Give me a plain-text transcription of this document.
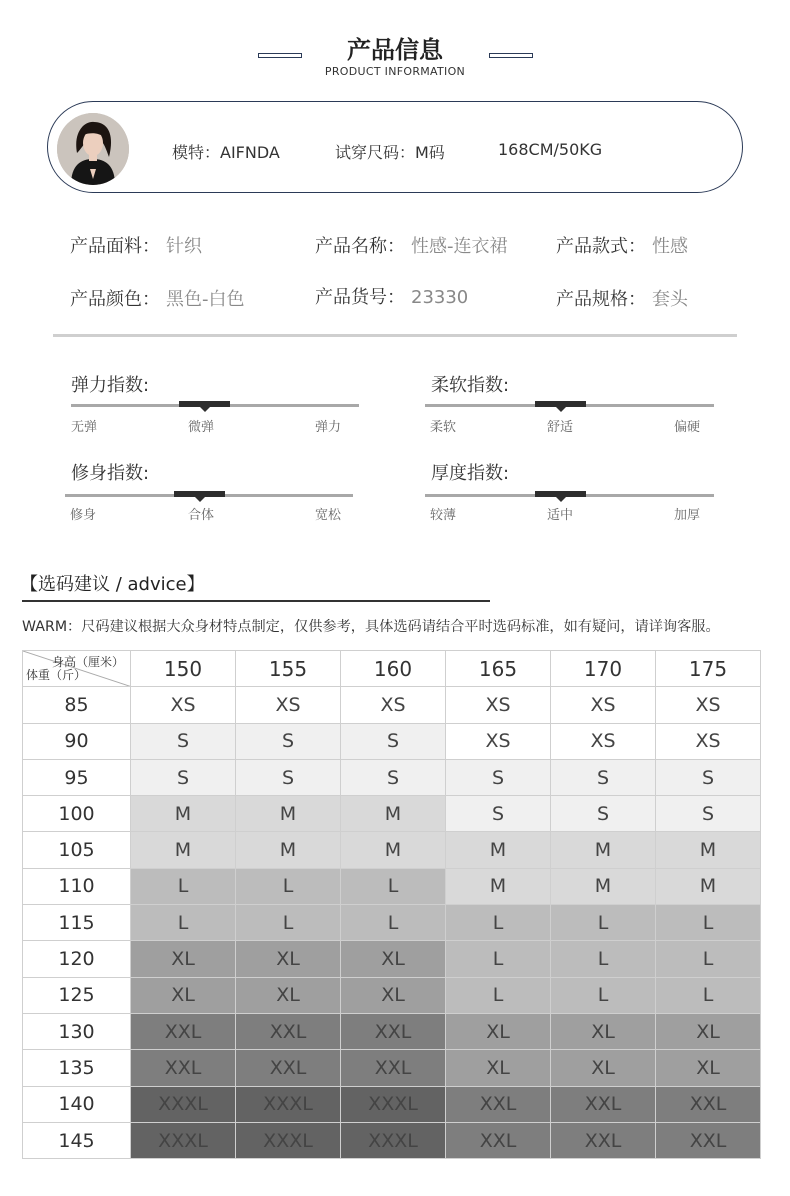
产品信息
PRODUCT INFORMATION
模特：AIFNDA	试穿尺码：M码	168CM/50KG
产品面料： 针织	产品名称： 性感-连衣裙	产品款式： 性感
产品颜色： 黑色-白色	产品货号： 23330	产品规格： 套头
弹力指数:
无弹	微弹	弹力
柔软指数:
柔软	舒适	偏硬
修身指数:
修身	合体	宽松
厚度指数:
较薄	适中	加厚
【选码建议 / advice】
WARM：尺码建议根据大众身材特点制定，仅供参考，具体选码请结合平时选码标准，如有疑问，请详询客服。
身高（厘米）
体重（斤）	150	155	160	165	170	175
85	XS	XS	XS	XS	XS	XS
90	S	S	S	XS	XS	XS
95	S	S	S	S	S	S
100	M	M	M	S	S	S
105	M	M	M	M	M	M
110	L	L	L	M	M	M
115	L	L	L	L	L	L
120	XL	XL	XL	L	L	L
125	XL	XL	XL	L	L	L
130	XXL	XXL	XXL	XL	XL	XL
135	XXL	XXL	XXL	XL	XL	XL
140	XXXL	XXXL	XXXL	XXL	XXL	XXL
145	XXXL	XXXL	XXXL	XXL	XXL	XXL
